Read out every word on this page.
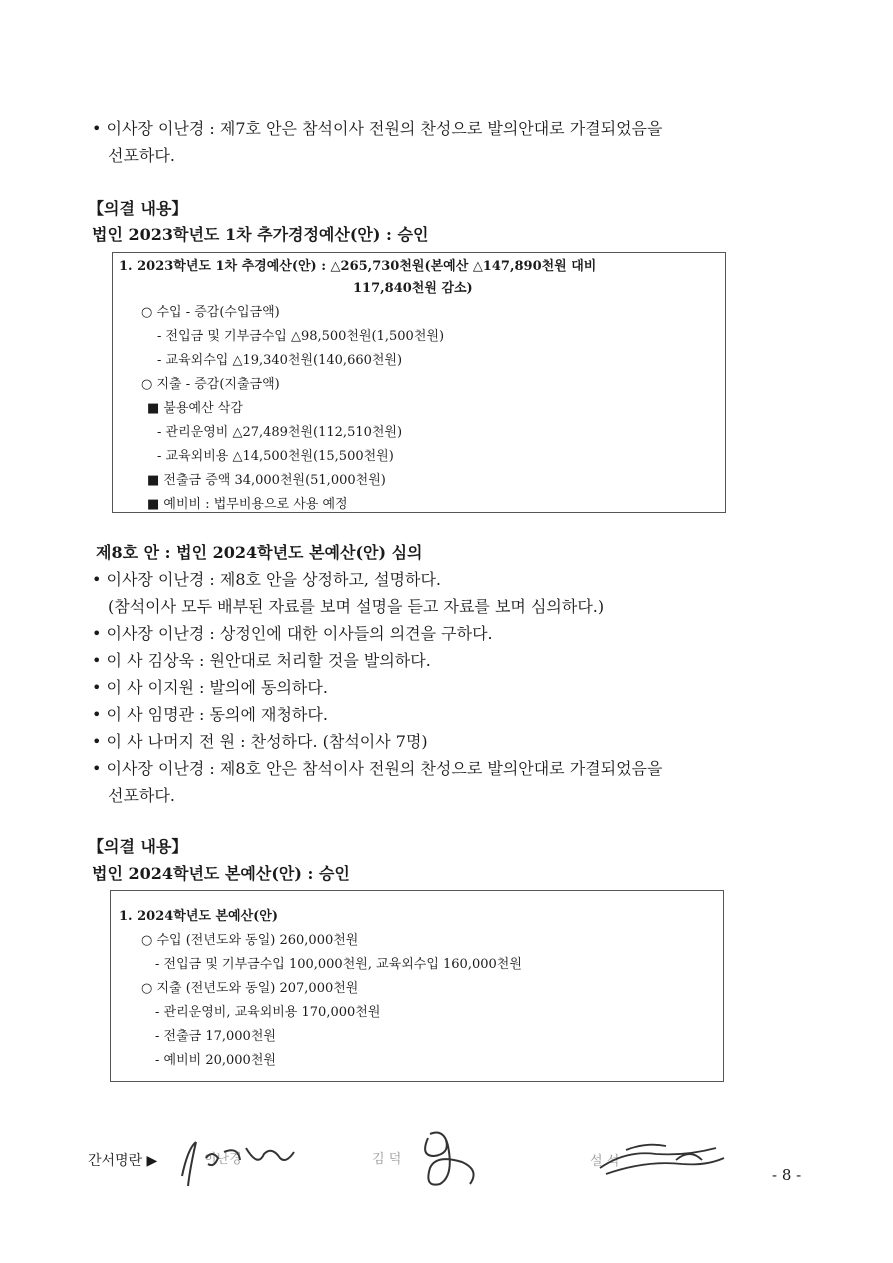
• 이사장 이난경 : 제7호 안은 참석이사 전원의 찬성으로 발의안대로 가결되었음을
선포하다.
【의결 내용】
법인 2023학년도 1차 추가경정예산(안) : 승인
1. 2023학년도 1차 추경예산(안) : △265,730천원(본예산 △147,890천원 대비
117,840천원 감소)
○ 수입 - 증감(수입금액)
- 전입금 및 기부금수입 △98,500천원(1,500천원)
- 교육외수입 △19,340천원(140,660천원)
○ 지출 - 증감(지출금액)
■ 불용예산 삭감
- 관리운영비 △27,489천원(112,510천원)
- 교육외비용 △14,500천원(15,500천원)
■ 전출금 증액 34,000천원(51,000천원)
■ 예비비 : 법무비용으로 사용 예정
제8호 안 : 법인 2024학년도 본예산(안) 심의
• 이사장 이난경 : 제8호 안을 상정하고, 설명하다.
(참석이사 모두 배부된 자료를 보며 설명을 듣고 자료를 보며 심의하다.)
• 이사장 이난경 : 상정인에 대한 이사들의 의견을 구하다.
• 이 사 김상욱 : 원안대로 처리할 것을 발의하다.
• 이 사 이지원 : 발의에 동의하다.
• 이 사 임명관 : 동의에 재청하다.
• 이 사 나머지 전 원 : 찬성하다. (참석이사 7명)
• 이사장 이난경 : 제8호 안은 참석이사 전원의 찬성으로 발의안대로 가결되었음을
선포하다.
【의결 내용】
법인 2024학년도 본예산(안) : 승인
1. 2024학년도 본예산(안)
○ 수입 (전년도와 동일) 260,000천원
- 전입금 및 기부금수입 100,000천원, 교육외수입 160,000천원
○ 지출 (전년도와 동일) 207,000천원
- 관리운영비, 교육외비용 170,000천원
- 전출금 17,000천원
- 예비비 20,000천원
간서명란 ▶	이난경	김 덕	설 석
- 8 -
